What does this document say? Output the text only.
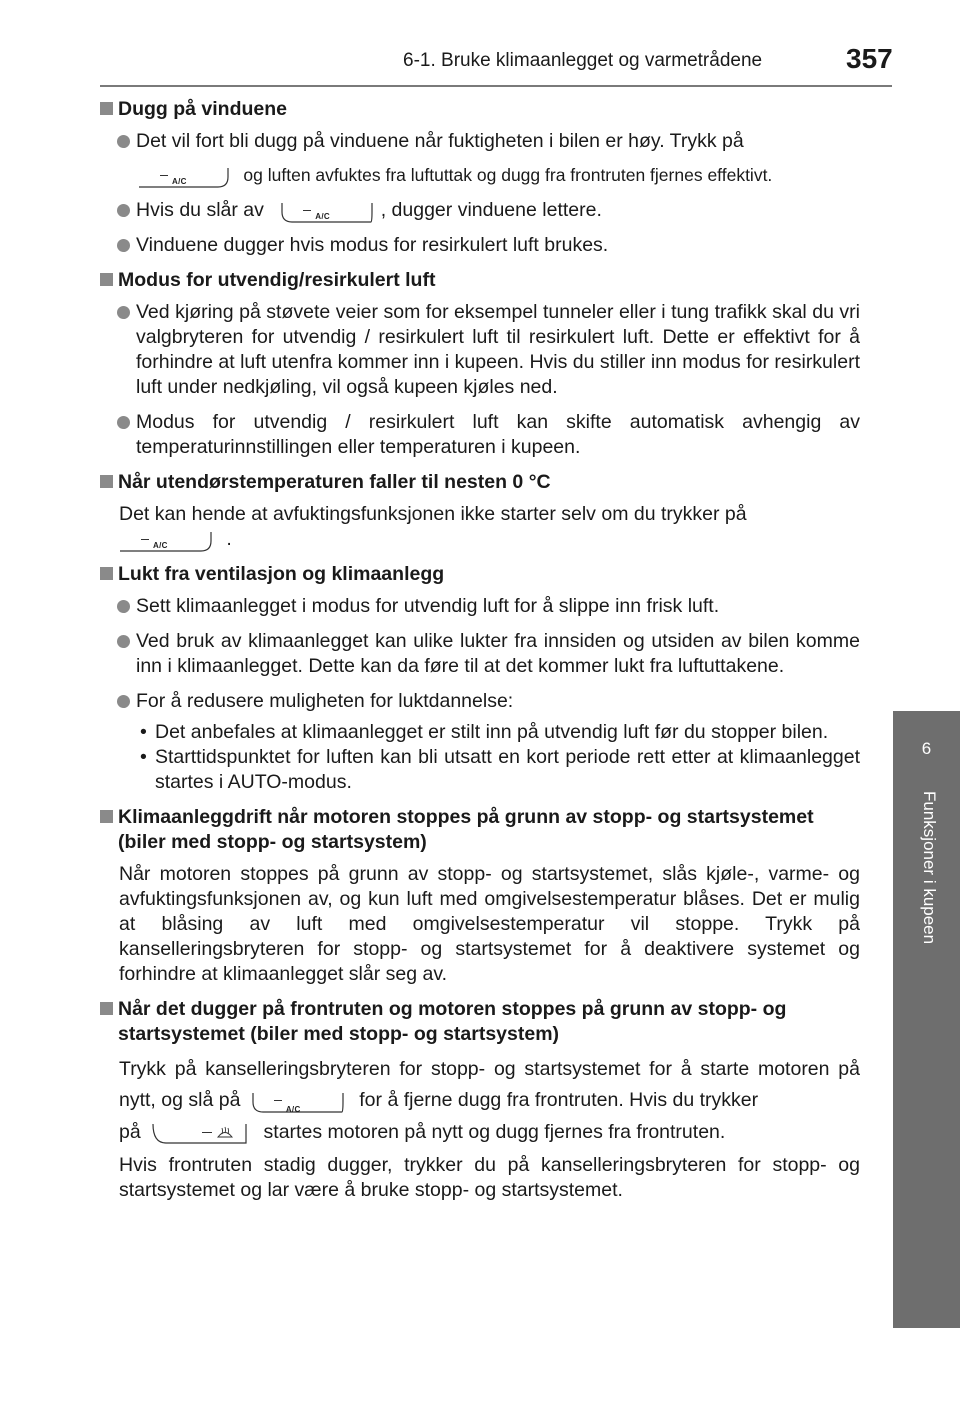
6-1. Bruke klimaanlegget og varmetrådene	357
6
Funksjoner i kupeen
Dugg på vinduene
Det vil fort bli dugg på vinduene når fuktigheten i bilen er høy. Trykk på
A/C	og luften avfuktes fra luftuttak og dugg fra frontruten fjernes effektivt.
Hvis du slår av	A/C	, dugger vinduene lettere.
Vinduene dugger hvis modus for resirkulert luft brukes.
Modus for utvendig/resirkulert luft
Ved kjøring på støvete veier som for eksempel tunneler eller i tung trafikk skal du vri valgbryteren for utvendig / resirkulert luft til resirkulert luft. Dette er effektivt for å forhindre at luft utenfra kommer inn i kupeen. Hvis du stiller inn modus for resirkulert luft under nedkjøling, vil også kupeen kjøles ned.
Modus for utvendig / resirkulert luft kan skifte automatisk avhengig av temperaturinnstillingen eller temperaturen i kupeen.
Når utendørstemperaturen faller til nesten 0 °C
Det kan hende at avfuktingsfunksjonen ikke starter selv om du trykker på
A/C	.
Lukt fra ventilasjon og klimaanlegg
Sett klimaanlegget i modus for utvendig luft for å slippe inn frisk luft.
Ved bruk av klimaanlegget kan ulike lukter fra innsiden og utsiden av bilen komme inn i klimaanlegget. Dette kan da føre til at det kommer lukt fra luftuttakene.
For å redusere muligheten for luktdannelse:
• Det anbefales at klimaanlegget er stilt inn på utvendig luft før du stopper bilen.
• Starttidspunktet for luften kan bli utsatt en kort periode rett etter at klimaanlegget startes i AUTO-modus.
Klimaanleggdrift når motoren stoppes på grunn av stopp- og startsystemet (biler med stopp- og startsystem)
Når motoren stoppes på grunn av stopp- og startsystemet, slås kjøle-, varme- og avfuktingsfunksjonen av, og kun luft med omgivelsestemperatur blåses. Det er mulig at blåsing av luft med omgivelsestemperatur vil stoppe. Trykk på kanselleringsbryteren for stopp- og startsystemet for å deaktivere systemet og forhindre at klimaanlegget slår seg av.
Når det dugger på frontruten og motoren stoppes på grunn av stopp- og startsystemet (biler med stopp- og startsystem)
Trykk på kanselleringsbryteren for stopp- og startsystemet for å starte motoren på nytt, og slå på	A/C	for å fjerne dugg fra frontruten. Hvis du trykker
på	startes motoren på nytt og dugg fjernes fra frontruten.
Hvis frontruten stadig dugger, trykker du på kanselleringsbryteren for stopp- og startsystemet og lar være å bruke stopp- og startsystemet.
